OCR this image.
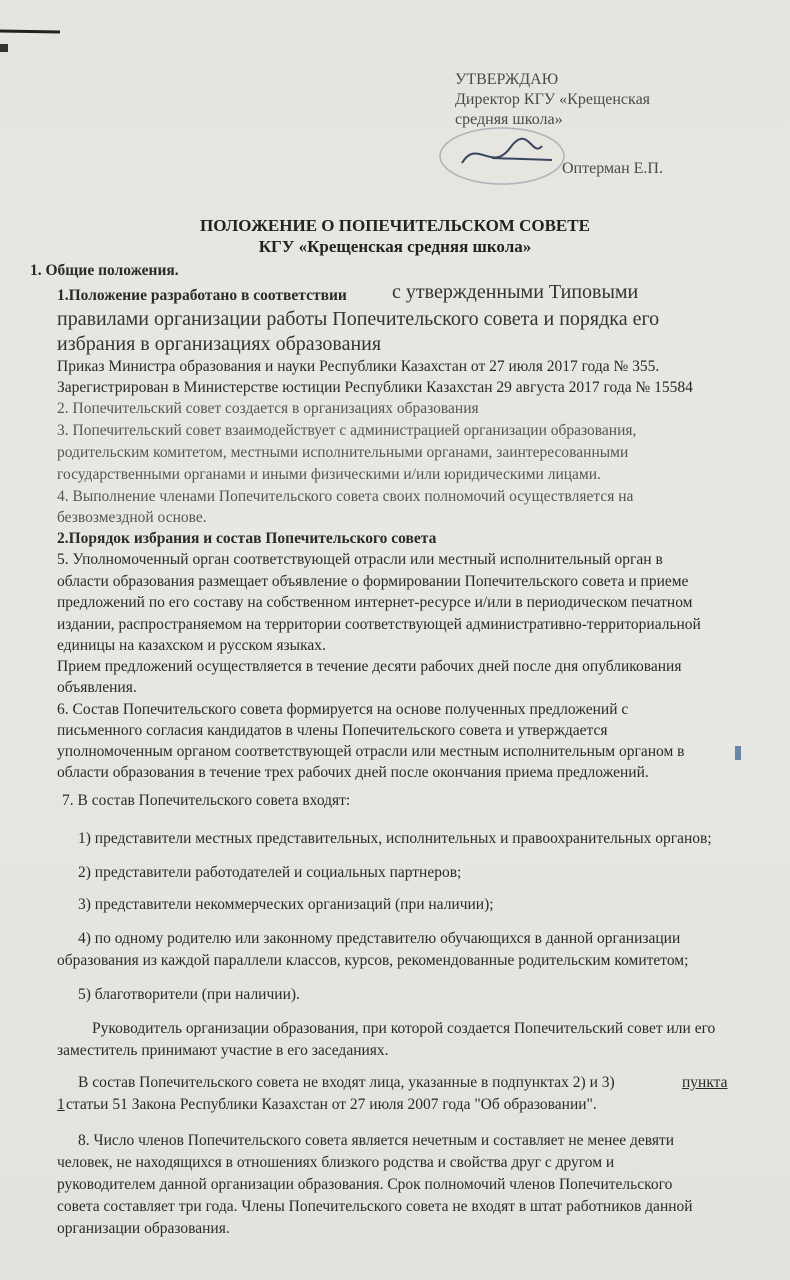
УТВЕРЖДАЮ
Директор КГУ «Крещенская
средняя школа»
Оптерман Е.П.
ПОЛОЖЕНИЕ О ПОПЕЧИТЕЛЬСКОМ СОВЕТЕ
КГУ «Крещенская средняя школа»
1. Общие положения.
1.Положение разработано в соответствии с утвержденными Типовыми
правилами организации работы Попечительского совета и порядка его
избрания в организациях образования
Приказ Министра образования и науки Республики Казахстан от 27 июля 2017 года № 355.
Зарегистрирован в Министерстве юстиции Республики Казахстан 29 августа 2017 года № 15584
2. Попечительский совет создается в организациях образования
3. Попечительский совет взаимодействует с администрацией организации образования,
родительским комитетом, местными исполнительными органами, заинтересованными
государственными органами и иными физическими и/или юридическими лицами.
4. Выполнение членами Попечительского совета своих полномочий осуществляется на
безвозмездной основе.
2.Порядок избрания и состав Попечительского совета
5. Уполномоченный орган соответствующей отрасли или местный исполнительный орган в
области образования размещает объявление о формировании Попечительского совета и приеме
предложений по его составу на собственном интернет-ресурсе и/или в периодическом печатном
издании, распространяемом на территории соответствующей административно-территориальной
единицы на казахском и русском языках.
Прием предложений осуществляется в течение десяти рабочих дней после дня опубликования
объявления.
6. Состав Попечительского совета формируется на основе полученных предложений с
письменного согласия кандидатов в члены Попечительского совета и утверждается
уполномоченным органом соответствующей отрасли или местным исполнительным органом в
области образования в течение трех рабочих дней после окончания приема предложений.
7. В состав Попечительского совета входят:
1) представители местных представительных, исполнительных и правоохранительных органов;
2) представители работодателей и социальных партнеров;
3) представители некоммерческих организаций (при наличии);
4) по одному родителю или законному представителю обучающихся в данной организации
образования из каждой параллели классов, курсов, рекомендованные родительским комитетом;
5) благотворители (при наличии).
Руководитель организации образования, при которой создается Попечительский совет или его
заместитель принимают участие в его заседаниях.
В состав Попечительского совета не входят лица, указанные в подпунктах 2) и 3)	пункта
1 статьи 51 Закона Республики Казахстан от 27 июля 2007 года "Об образовании".
8. Число членов Попечительского совета является нечетным и составляет не менее девяти
человек, не находящихся в отношениях близкого родства и свойства друг с другом и
руководителем данной организации образования. Срок полномочий членов Попечительского
совета составляет три года. Члены Попечительского совета не входят в штат работников данной
организации образования.
